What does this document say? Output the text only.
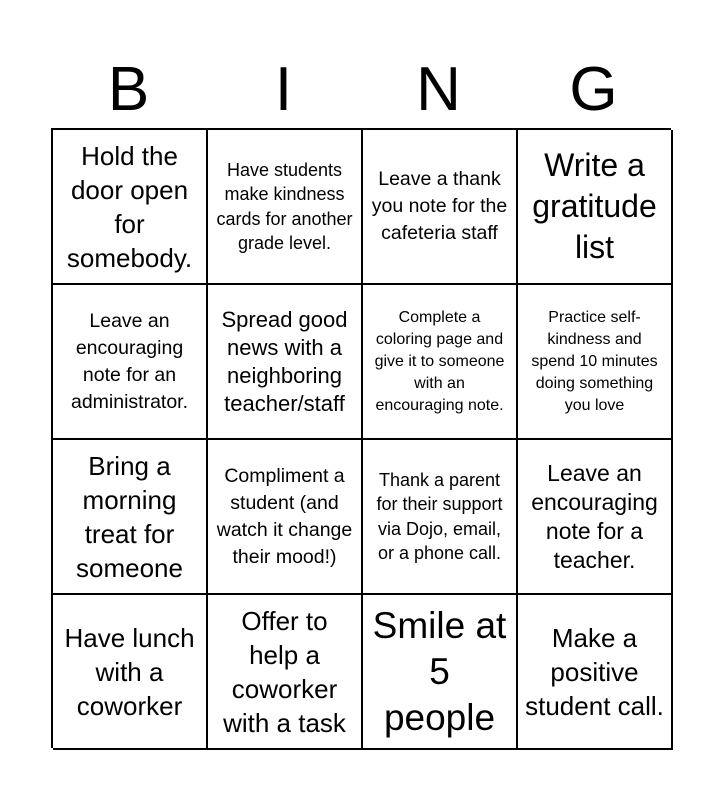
B	I	N	G
Hold the door open for somebody.
Have students make kindness cards for another grade level.
Leave a thank you note for the cafeteria staff
Write a gratitude list
Leave an encouraging note for an administrator.
Spread good news with a neighboring teacher/staff
Complete a coloring page and give it to someone with an encouraging note.
Practice self-kindness and spend 10 minutes doing something you love
Bring a morning treat for someone
Compliment a student (and watch it change their mood!)
Thank a parent for their support via Dojo, email, or a phone call.
Leave an encouraging note for a teacher.
Have lunch with a coworker
Offer to help a coworker with a task
Smile at 5 people
Make a positive student call.
